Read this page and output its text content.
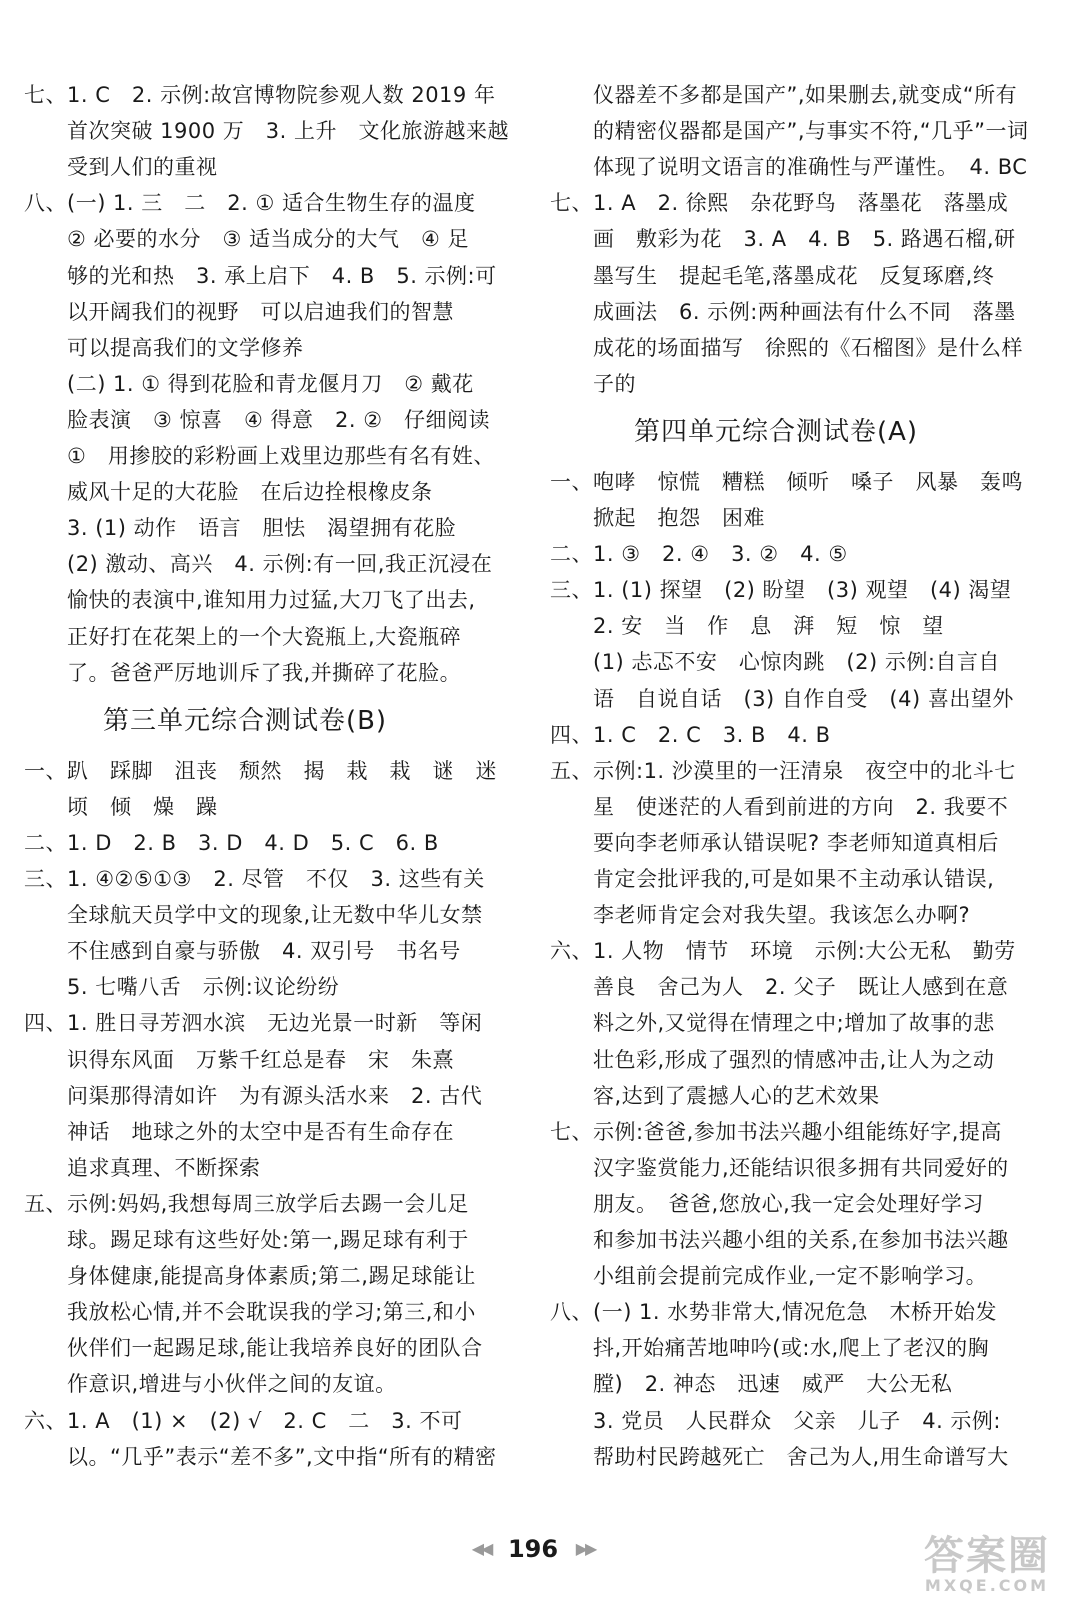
七、1. C　2. 示例:故宫博物院参观人数 2019 年
　　首次突破 1900 万　3. 上升　文化旅游越来越
　　受到人们的重视
八、(一) 1. 三　二　2. ① 适合生物生存的温度
　　② 必要的水分　③ 适当成分的大气　④ 足
　　够的光和热　3. 承上启下　4. B　5. 示例:可
　　以开阔我们的视野　可以启迪我们的智慧
　　可以提高我们的文学修养
　　(二) 1. ① 得到花脸和青龙偃月刀　② 戴花
　　脸表演　③ 惊喜　④ 得意　2. ②　仔细阅读
　　①　用掺胶的彩粉画上戏里边那些有名有姓、
　　威风十足的大花脸　在后边拴根橡皮条
　　3. (1) 动作　语言　胆怯　渴望拥有花脸
　　(2) 激动、高兴　4. 示例:有一回,我正沉浸在
　　愉快的表演中,谁知用力过猛,大刀飞了出去,
　　正好打在花架上的一个大瓷瓶上,大瓷瓶碎
　　了。爸爸严厉地训斥了我,并撕碎了花脸。
第三单元综合测试卷(B)
一、趴　踩脚　沮丧　颓然　揭　栽　栽　谜　迷
　　顷　倾　燥　躁
二、1. D　2. B　3. D　4. D　5. C　6. B
三、1. ④②⑤①③　2. 尽管　不仅　3. 这些有关
　　全球航天员学中文的现象,让无数中华儿女禁
　　不住感到自豪与骄傲　4. 双引号　书名号
　　5. 七嘴八舌　示例:议论纷纷
四、1. 胜日寻芳泗水滨　无边光景一时新　等闲
　　识得东风面　万紫千红总是春　宋　朱熹
　　问渠那得清如许　为有源头活水来　2. 古代
　　神话　地球之外的太空中是否有生命存在
　　追求真理、不断探索
五、示例:妈妈,我想每周三放学后去踢一会儿足
　　球。踢足球有这些好处:第一,踢足球有利于
　　身体健康,能提高身体素质;第二,踢足球能让
　　我放松心情,并不会耽误我的学习;第三,和小
　　伙伴们一起踢足球,能让我培养良好的团队合
　　作意识,增进与小伙伴之间的友谊。
六、1. A　(1) ×　(2) √　2. C　二　3. 不可
　　以。“几乎”表示“差不多”,文中指“所有的精密
　　仪器差不多都是国产”,如果删去,就变成“所有
　　的精密仪器都是国产”,与事实不符,“几乎”一词
　　体现了说明文语言的准确性与严谨性。　4. BC
七、1. A　2. 徐熙　杂花野鸟　落墨花　落墨成
　　画　敷彩为花　3. A　4. B　5. 路遇石榴,研
　　墨写生　提起毛笔,落墨成花　反复琢磨,终
　　成画法　6. 示例:两种画法有什么不同　落墨
　　成花的场面描写　徐熙的《石榴图》是什么样
　　子的
第四单元综合测试卷(A)
一、咆哮　惊慌　糟糕　倾听　嗓子　风暴　轰鸣
　　掀起　抱怨　困难
二、1. ③　2. ④　3. ②　4. ⑤
三、1. (1) 探望　(2) 盼望　(3) 观望　(4) 渴望
　　2. 安　当　作　息　湃　短　惊　望
　　(1) 忐忑不安　心惊肉跳　(2) 示例:自言自
　　语　自说自话　(3) 自作自受　(4) 喜出望外
四、1. C　2. C　3. B　4. B
五、示例:1. 沙漠里的一汪清泉　夜空中的北斗七
　　星　使迷茫的人看到前进的方向　2. 我要不
　　要向李老师承认错误呢? 李老师知道真相后
　　肯定会批评我的,可是如果不主动承认错误,
　　李老师肯定会对我失望。我该怎么办啊?
六、1. 人物　情节　环境　示例:大公无私　勤劳
　　善良　舍己为人　2. 父子　既让人感到在意
　　料之外,又觉得在情理之中;增加了故事的悲
　　壮色彩,形成了强烈的情感冲击,让人为之动
　　容,达到了震撼人心的艺术效果
七、示例:爸爸,参加书法兴趣小组能练好字,提高
　　汉字鉴赏能力,还能结识很多拥有共同爱好的
　　朋友。　爸爸,您放心,我一定会处理好学习
　　和参加书法兴趣小组的关系,在参加书法兴趣
　　小组前会提前完成作业,一定不影响学习。
八、(一) 1. 水势非常大,情况危急　木桥开始发
　　抖,开始痛苦地呻吟(或:水,爬上了老汉的胸
　　膛)　2. 神态　迅速　威严　大公无私
　　3. 党员　人民群众　父亲　儿子　4. 示例:
　　帮助村民跨越死亡　舍己为人,用生命谱写大
◀◀ 196 ▶▶	答案圈
MXQE.COM
